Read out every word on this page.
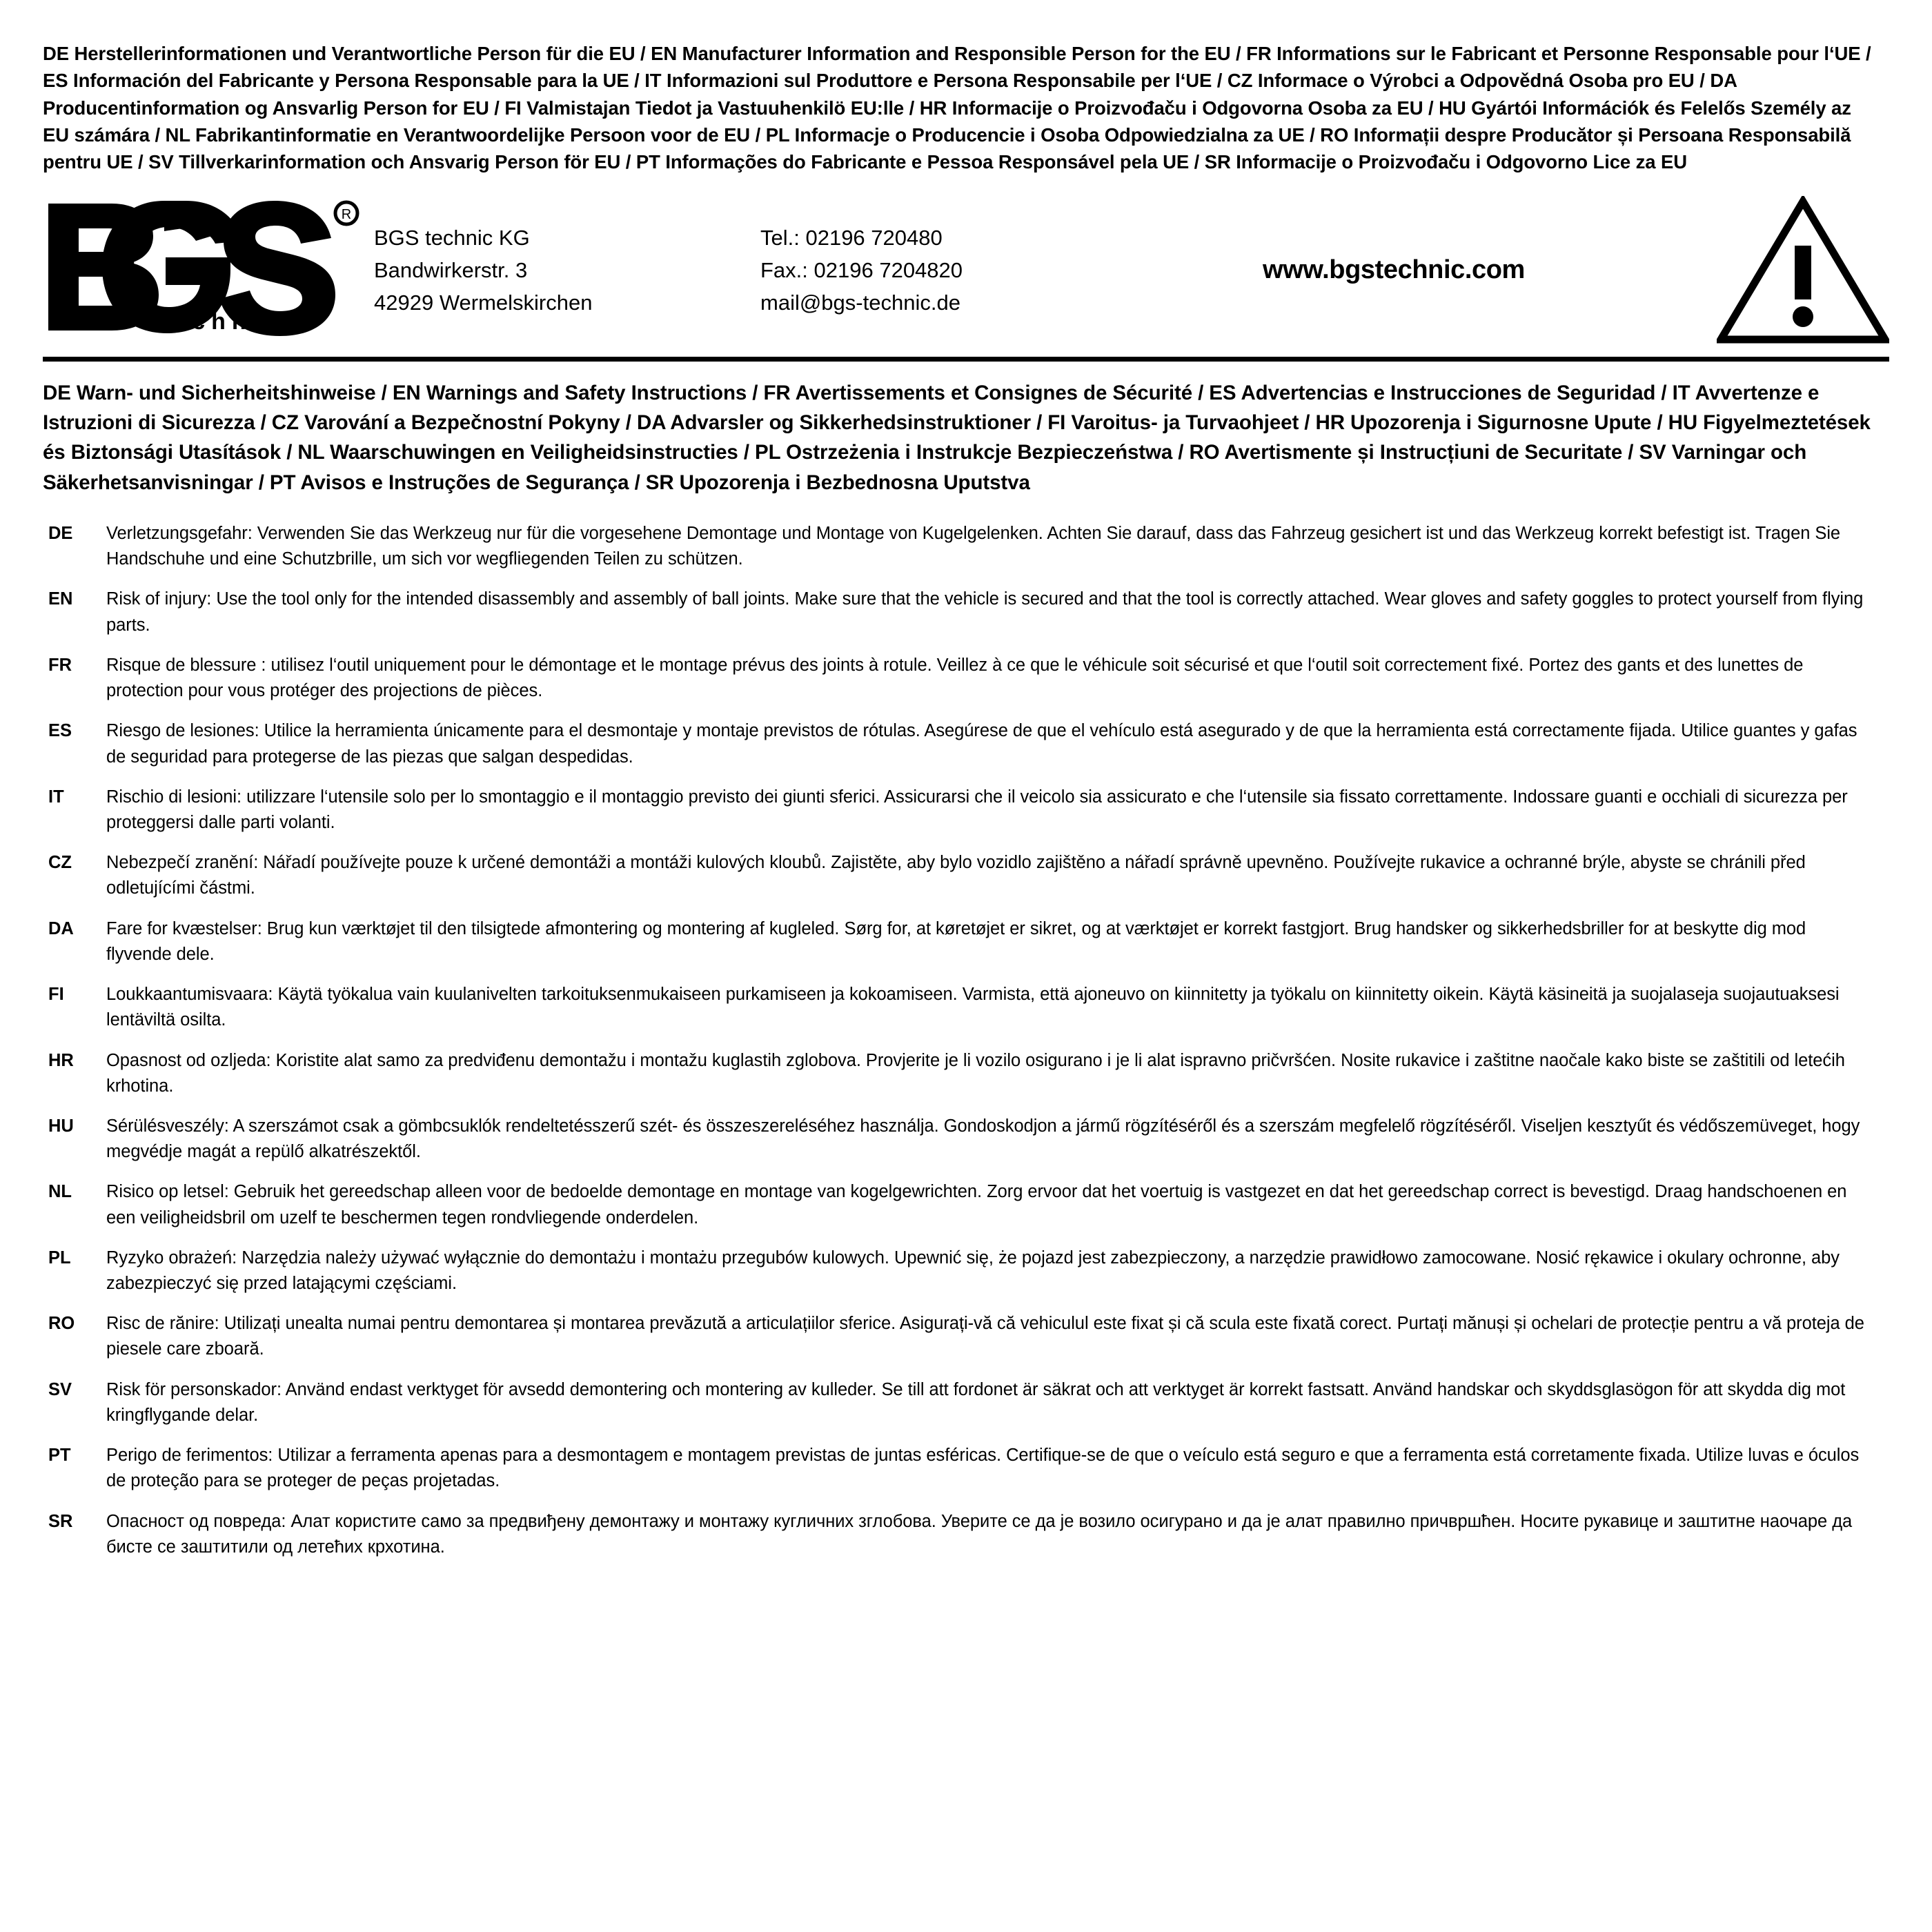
DE Herstellerinformationen und Verantwortliche Person für die EU / EN Manufacturer Information and Responsible Person for the EU / FR Informations sur le Fabricant et Personne Responsable pour l‘UE / ES Información del Fabricante y Persona Responsable para la UE / IT Informazioni sul Produttore e Persona Responsabile per l‘UE / CZ Informace o Výrobci a Odpovědná Osoba pro EU / DA Producentinformation og Ansvarlig Person for EU / FI Valmistajan Tiedot ja Vastuuhenkilö EU:lle / HR Informacije o Proizvođaču i Odgovorna Osoba za EU / HU Gyártói Információk és Felelős Személy az EU számára / NL Fabrikantinformatie en Verantwoordelijke Persoon voor de EU / PL Informacje o Producencie i Osoba Odpowiedzialna za UE / RO Informații despre Producător și Persoana Responsabilă pentru UE / SV Tillverkarinformation och Ansvarig Person för EU / PT Informações do Fabricante e Pessoa Responsável pela UE / SR Informacije o Proizvođaču i Odgovorno Lice za EU
R
technic
BGS technic KG
Bandwirkerstr. 3
42929 Wermelskirchen
Tel.: 02196 720480
Fax.: 02196 7204820
mail@bgs-technic.de
www.bgstechnic.com
DE Warn- und Sicherheitshinweise / EN Warnings and Safety Instructions / FR Avertissements et Consignes de Sécurité / ES Advertencias e Instrucciones de Seguridad / IT Avvertenze e Istruzioni di Sicurezza / CZ Varování a Bezpečnostní Pokyny / DA Advarsler og Sikkerhedsinstruktioner / FI Varoitus- ja Turvaohjeet / HR Upozorenja i Sigurnosne Upute / HU Figyelmeztetések és Biztonsági Utasítások / NL Waarschuwingen en Veiligheidsinstructies / PL Ostrzeżenia i Instrukcje Bezpieczeństwa / RO Avertismente și Instrucțiuni de Securitate / SV Varningar och Säkerhetsanvisningar / PT Avisos e Instruções de Segurança / SR Upozorenja i Bezbednosna Uputstva
DE	Verletzungsgefahr: Verwenden Sie das Werkzeug nur für die vorgesehene Demontage und Montage von Kugelgelenken. Achten Sie darauf, dass das Fahrzeug gesichert ist und das Werkzeug korrekt befestigt ist. Tragen Sie Handschuhe und eine Schutzbrille, um sich vor wegfliegenden Teilen zu schützen.
EN	Risk of injury: Use the tool only for the intended disassembly and assembly of ball joints. Make sure that the vehicle is secured and that the tool is correctly attached. Wear gloves and safety goggles to protect yourself from flying parts.
FR	Risque de blessure : utilisez l‘outil uniquement pour le démontage et le montage prévus des joints à rotule. Veillez à ce que le véhicule soit sécurisé et que l‘outil soit correctement fixé. Portez des gants et des lunettes de protection pour vous protéger des projections de pièces.
ES	Riesgo de lesiones: Utilice la herramienta únicamente para el desmontaje y montaje previstos de rótulas. Asegúrese de que el vehículo está asegurado y de que la herramienta está correctamente fijada. Utilice guantes y gafas de seguridad para protegerse de las piezas que salgan despedidas.
IT	Rischio di lesioni: utilizzare l‘utensile solo per lo smontaggio e il montaggio previsto dei giunti sferici. Assicurarsi che il veicolo sia assicurato e che l‘utensile sia fissato correttamente. Indossare guanti e occhiali di sicurezza per proteggersi dalle parti volanti.
CZ	Nebezpečí zranění: Nářadí používejte pouze k určené demontáži a montáži kulových kloubů. Zajistěte, aby bylo vozidlo zajištěno a nářadí správně upevněno. Používejte rukavice a ochranné brýle, abyste se chránili před odletujícími částmi.
DA	Fare for kvæstelser: Brug kun værktøjet til den tilsigtede afmontering og montering af kugleled. Sørg for, at køretøjet er sikret, og at værktøjet er korrekt fastgjort. Brug handsker og sikkerhedsbriller for at beskytte dig mod flyvende dele.
FI	Loukkaantumisvaara: Käytä työkalua vain kuulanivelten tarkoituksenmukaiseen purkamiseen ja kokoamiseen. Varmista, että ajoneuvo on kiinnitetty ja työkalu on kiinnitetty oikein. Käytä käsineitä ja suojalaseja suojautuaksesi lentäviltä osilta.
HR	Opasnost od ozljeda: Koristite alat samo za predviđenu demontažu i montažu kuglastih zglobova. Provjerite je li vozilo osigurano i je li alat ispravno pričvršćen. Nosite rukavice i zaštitne naočale kako biste se zaštitili od letećih krhotina.
HU	Sérülésveszély: A szerszámot csak a gömbcsuklók rendeltetésszerű szét- és összeszereléséhez használja. Gondoskodjon a jármű rögzítéséről és a szerszám megfelelő rögzítéséről. Viseljen kesztyűt és védőszemüveget, hogy megvédje magát a repülő alkatrészektől.
NL	Risico op letsel: Gebruik het gereedschap alleen voor de bedoelde demontage en montage van kogelgewrichten. Zorg ervoor dat het voertuig is vastgezet en dat het gereedschap correct is bevestigd. Draag handschoenen en een veiligheidsbril om uzelf te beschermen tegen rondvliegende onderdelen.
PL	Ryzyko obrażeń: Narzędzia należy używać wyłącznie do demontażu i montażu przegubów kulowych. Upewnić się, że pojazd jest zabezpieczony, a narzędzie prawidłowo zamocowane. Nosić rękawice i okulary ochronne, aby zabezpieczyć się przed latającymi częściami.
RO	Risc de rănire: Utilizați unealta numai pentru demontarea și montarea prevăzută a articulațiilor sferice. Asigurați-vă că vehiculul este fixat și că scula este fixată corect. Purtați mănuși și ochelari de protecție pentru a vă proteja de piesele care zboară.
SV	Risk för personskador: Använd endast verktyget för avsedd demontering och montering av kulleder. Se till att fordonet är säkrat och att verktyget är korrekt fastsatt. Använd handskar och skyddsglasögon för att skydda dig mot kringflygande delar.
PT	Perigo de ferimentos: Utilizar a ferramenta apenas para a desmontagem e montagem previstas de juntas esféricas. Certifique-se de que o veículo está seguro e que a ferramenta está corretamente fixada. Utilize luvas e óculos de proteção para se proteger de peças projetadas.
SR	Опасност од повреда: Алат користите само за предвиђену демонтажу и монтажу кугличних зглобова. Уверите се да је возило осигурано и да је алат правилно причвршћен. Носите рукавице и заштитне наочаре да бисте се заштитили од летећих крхотина.
